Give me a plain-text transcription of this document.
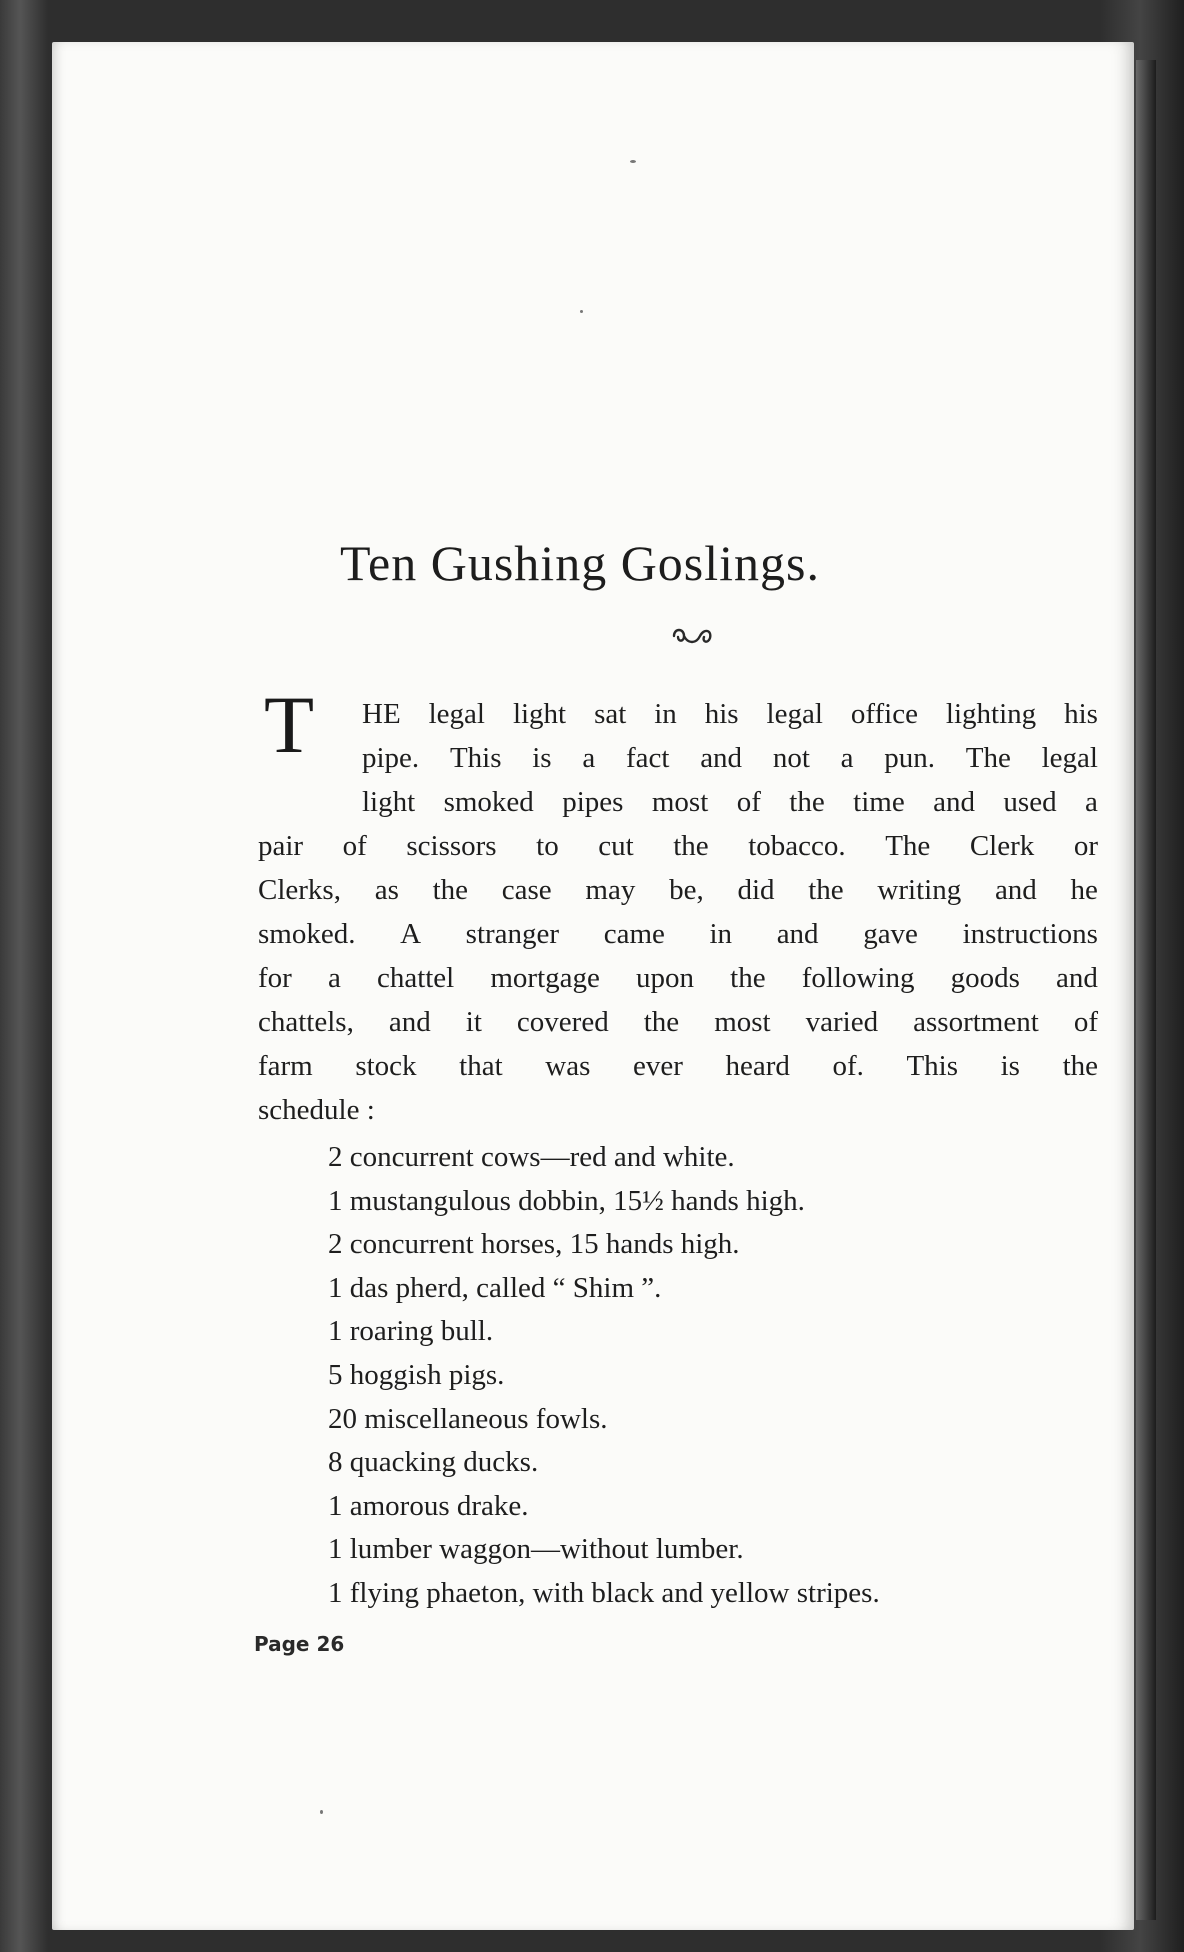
Ten Gushing Goslings.
T HE legal light sat in his legal office lighting his
pipe. This is a fact and not a pun. The legal
light smoked pipes most of the time and used a
pair of scissors to cut the tobacco. The Clerk or
Clerks, as the case may be, did the writing and he
smoked. A stranger came in and gave instructions
for a chattel mortgage upon the following goods and
chattels, and it covered the most varied assortment of
farm stock that was ever heard of. This is the
schedule :
2 concurrent cows—red and white.
1 mustangulous dobbin, 15½ hands high.
2 concurrent horses, 15 hands high.
1 das pherd, called “ Shim ”.
1 roaring bull.
5 hoggish pigs.
20 miscellaneous fowls.
8 quacking ducks.
1 amorous drake.
1 lumber waggon—without lumber.
1 flying phaeton, with black and yellow stripes.
Page 26
